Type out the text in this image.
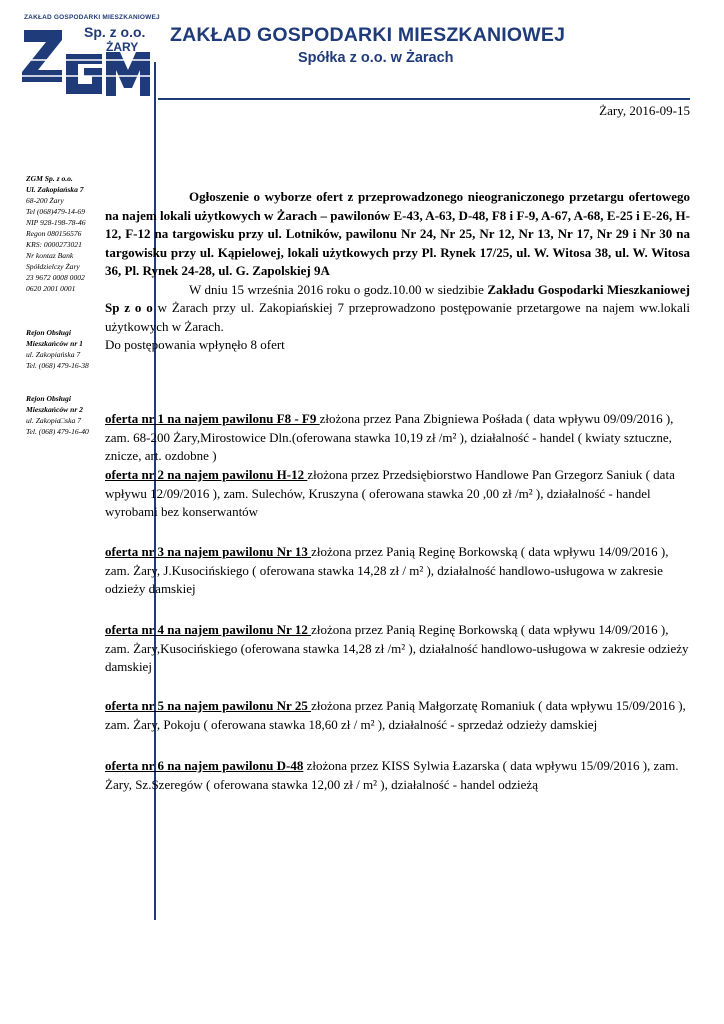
ZAKŁAD GOSPODARKI MIESZKANIOWEJ
Sp. z o.o.
ŻARY
ZAKŁAD GOSPODARKI MIESZKANIOWEJ
Spółka z o.o. w Żarach
Żary, 2016-09-15
ZGM Sp. z o.o.
Ul. Zakopiańska 7
68-200 Żary
Tel (068)479-14-69
NIP 928-198-78-46
Regon 080156576
KRS: 0000273021
Nr kontaz Bank
Spółdzielczy Żary
23 9672 0008 0002
0620 2001 0001
Rejon Obsługi
Mieszkańców nr 1
ul. Zakopiańska 7
Tel. (068) 479-16-38
Rejon Obsługi
Mieszkańców nr 2
ul. Zakopia□ska 7
Tel. (068) 479-16-40
Ogłoszenie o wyborze ofert z przeprowadzonego nieograniczonego przetargu ofertowego na najem lokali użytkowych w Żarach – pawilonów E-43, A-63, D-48, F8 i F-9, A-67, A-68, E-25 i E-26, H-12, F-12 na targowisku przy ul. Lotników, pawilonu Nr 24, Nr 25, Nr 12, Nr 13, Nr 17, Nr 29 i Nr 30 na targowisku przy ul. Kąpielowej, lokali użytkowych przy Pl. Rynek 17/25, ul. W. Witosa 38, ul. W. Witosa 36, Pl. Rynek 24-28, ul. G. Zapolskiej 9A
W dniu 15 września 2016 roku o godz.10.00 w siedzibie Zakładu Gospodarki Mieszkaniowej Sp z o o w Żarach przy ul. Zakopiańskiej 7 przeprowadzono postępowanie przetargowe na najem ww.lokali użytkowych w Żarach.
Do postępowania wpłynęło 8 ofert
oferta nr 1 na najem pawilonu F8 - F9 złożona przez Pana Zbigniewa Pośłada ( data wpływu 09/09/2016 ), zam. 68-200 Żary,Mirostowice Dln.(oferowana stawka 10,19 zł /m² ), działalność - handel ( kwiaty sztuczne, znicze, art. ozdobne )
oferta nr 2 na najem pawilonu H-12 złożona przez Przedsiębiorstwo Handlowe Pan Grzegorz Saniuk ( data wpływu 12/09/2016 ), zam. Sulechów, Kruszyna ( oferowana stawka 20 ,00 zł /m² ), działalność - handel wyrobami bez konserwantów
oferta nr 3 na najem pawilonu Nr 13 złożona przez Panią Reginę Borkowską ( data wpływu 14/09/2016 ), zam. Żary, J.Kusocińskiego ( oferowana stawka 14,28 zł / m² ), działalność handlowo-usługowa w zakresie odzieży damskiej
oferta nr 4 na najem pawilonu Nr 12 złożona przez Panią Reginę Borkowską ( data wpływu 14/09/2016 ), zam. Żary,Kusocińskiego (oferowana stawka 14,28 zł /m² ), działalność handlowo-usługowa w zakresie odzieży damskiej
oferta nr 5 na najem pawilonu Nr 25 złożona przez Panią Małgorzatę Romaniuk ( data wpływu 15/09/2016 ), zam. Żary, Pokoju ( oferowana stawka 18,60 zł / m² ), działalność - sprzedaż odzieży damskiej
oferta nr 6 na najem pawilonu D-48 złożona przez KISS Sylwia Łazarska ( data wpływu 15/09/2016 ), zam. Żary, Sz.Szeregów ( oferowana stawka 12,00 zł / m² ), działalność - handel odzieżą
